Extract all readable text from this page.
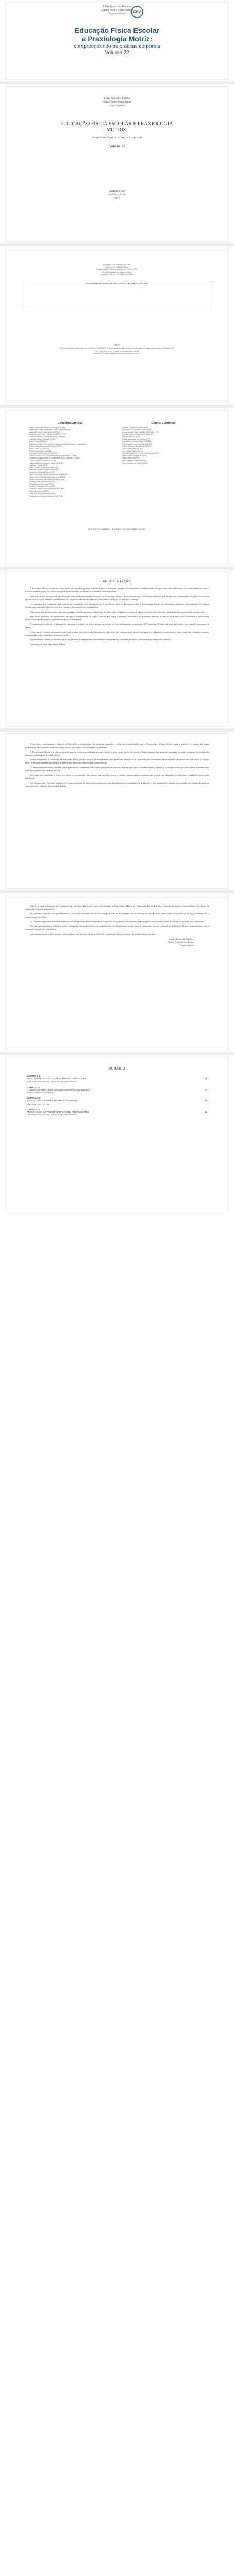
Lilian Aparecida Ferreira
Glauco Nunes Souto Ramos
(Organizadores)	CRV
Educação Física Escolar
e Praxiologia Motriz:
compreendendo as práticas corporais
Volume 22
Lilian Aparecida Ferreira
Glauco Nunes Souto Ramos
(Organizadores)
EDUCAÇÃO FÍSICA ESCOLAR E PRAXIOLOGIA MOTRIZ:
compreendendo as práticas corporais
Volume 22
EDITORA CRV
Curitiba – Brasil
2017
Copyright © da Editora CRV Ltda.
Editor-chefe: Railson Moura
Diagramação e Capa: Designers da Editora CRV
Revisão: Analista de Escrita e Artes
Conselho Editorial: Conselho da Editora
DADOS INTERNACIONAIS DE CATALOGAÇÃO NA PUBLICAÇÃO (CIP)
2017
Foi feito o depósito legal conf. Lei 10.994 de 14/12/2004. Proibida a reprodução parcial ou total desta obra sem autorização da Editora CRV.
Tel.: (41) 3039-6418 - E-mail: sac@editoracrv.com.br
Conheça os nossos lançamentos: www.editoracrv.com.br
Conselho Editorial:
Aldira Guimarães Duarte Domínguez (UNB)
Andréia da Silva Quintanilha Sousa (UNIR/UFRN)
Antônio Pereira Gaio Júnior (UFRRJ)
Carlos Alberto Vilar Estêvão (UMINHO – PT)
Carlos Federico Dominguez Avila (Unieuro)
Carmen Tereza Velanga (UNIR)
Celso Conti (UFSCar)
Cesar Gerónimo Tello (Univer. Nacional Três de Febrero – Argentina)
Elione Maria Nogueira Diogenes (UFAL)
Élsio José Corá (UFFS)
Elizeu Clementino (UNEB)
Francisco Carlos Duarte (PUC-PR)
Gloria Fariñas León (Universidade de La Havana – Cuba)
Guillermo Arias Beatón (Universidade de La Havana – Cuba)
Jailson Alves dos Santos (UFRJ)
João Adalberto Campato Junior (UNESP)
Josania Portela (UFPI)
Leonel Severo Rocha (UNISINOS)
Lídia de Oliveira Xavier (UNIEURO)
Lourdes Helena da Silva (UFV)
Maria de Lourdes Pinto de Almeida (UNOESC)
Maria Lília Imbiriba Sousa Colares (UFOPA)
Paulo Romualdo Hernandes (UNIFAL-MG)
Rodrigo Pratte-Santos (UFES)
Sérgio Nunes de Jesus (IFRO)
Simone Rodrigues Pinto (UNB)
Solange Helena Ximenes-Rocha (UFOPA)
Sydione Santos (UEPG)
Tadeu Oliver Gonçalves (UFPA)
Tania Suely Azevedo Brasileiro (UFOPA)
Comitê Científico:
Adelino Candido Pimenta (IFG)
Ana Paula de Oliveira Aranha (USF)
Carlos Alberto Vilar Estêvão (UMINHO – PT)
Cláudia Maria Soares Rossi (UNESP)
Eliane Cardoso (USP)
Eliana Aparecida de Oliveira (UFF)
Fabiana dos Santos Silva (UNESP)
Fernando Donizete Alves (UFSCar)
Gisele Quaresma Santos (UNIRIO)
Jairo Antônio Paim (UFS)
Luiz Carlos Rigo (UFPel)
Marcos Teodorico Pinheiro de Almeida (UFC)
Maria Cristina Kogut (PUCPR)
Mauro Betti (UNESP)
Ruth Eugênia Cidade (UFPR)
Sílvio Ricardo da Silva (UFMG)
Este livro foi avaliado e aprovado por pareceristas ad hoc.
APRESENTAÇÃO

A Educação Física assume nos dias atuais um papel de grande relevância para a formação integral dos estudantes, estabelecendo diálogos com diferentes áreas do conhecimento e com as diversas manifestações da cultura corporal de movimento presentes na sociedade contemporânea.

Este livro é uma proposta de aproximação entre a Educação Física Escolar e a Praxiologia Motriz, teoria desenvolvida por Pierre Parlebas, que se dedica a compreender as práticas corporais a partir de sua lógica interna, considerando as relações estabelecidas entre os praticantes, o espaço, os objetos e o tempo.

Os capítulos que compõem esta obra foram produzidos por pesquisadores e professores que se debruçam sobre a Praxiologia Motriz em diferentes contextos, especialmente no âmbito escolar, apresentando reflexões teóricas e relatos de experiências pedagógicas.

Esperamos que as discussões aqui apresentadas contribuam para a ampliação do olhar sobre as práticas corporais e para a qualificação das ações pedagógicas desenvolvidas nas escolas.

Para tanto, partimos do pressuposto de que a compreensão da lógica interna dos jogos e esportes possibilita ao professor planejar e intervir de forma mais consciente e intencional, favorecendo aprendizagens significativas para os estudantes.

A organização do livro foi pensada de maneira a oferecer ao leitor um percurso que vai dos fundamentos conceituais da Praxiologia Motriz até suas aplicações em situações concretas de ensino.

Desse modo, o leitor encontrará textos que tratam dos universais ludomotores, das redes de comunicação motriz, dos papéis e subpapéis sociomotores, bem como das condutas motrizes manifestadas pelos estudantes durante as aulas.

Agradecemos a todos os autores que se dispuseram a compartilhar seus estudos e experiências, tornando possível a concretização desta obra coletiva.

Desejamos a todos uma ótima leitura.

Neste livro, convidamos o leitor a refletir sobre a diversidade das práticas corporais e sobre as possibilidades que a Praxiologia Motriz oferece para a análise e o ensino dos jogos tradicionais, dos esportes coletivos e individuais, das lutas e das atividades de aventura.

A Praxiologia Motriz é a ciência da ação motriz, conforme definida por seu criador, e tem como objeto de estudo a lógica interna das situações motrizes, ou seja, o sistema de obrigações impostas pelas regras de cada prática.

Nessa perspectiva, o professor de Educação Física passa a dispor de instrumentos que permitem identificar as características estruturais das atividades propostas em suas aulas e, a partir disso, selecionar aquelas que melhor atendem aos objetivos educacionais estabelecidos.

Os textos reunidos nesta coletânea dialogam entre si e também com outras perspectivas teóricas da Educação Física, evidenciando a riqueza e a complexidade que envolvem o fenômeno das práticas corporais no contexto escolar.

Ao longo dos capítulos, o leitor perceberá a preocupação dos autores em articular teoria e prática, apresentando propostas que podem ser adaptadas às diferentes realidades das escolas brasileiras.

Acreditamos que esta obra poderá servir como material de apoio para professores da educação básica, estudantes de graduação e pós-graduação e demais interessados no estudo das práticas corporais sob o olhar da Praxiologia Motriz.

Este livro está organizado em capítulos que abordam diferentes temas relacionados à Praxiologia Motriz e à Educação Física Escolar, reunindo pesquisas desenvolvidas em grupos de estudos de diversas instituições.

No primeiro capítulo, são apresentados os conceitos fundamentais da Praxiologia Motriz e sua relação com a Educação Física Escolar, destacando a importância da lógica interna para a compreensão dos jogos.

Os capítulos seguintes tratam de análises praxiológicas de diferentes práticas corporais, de propostas de intervenção pedagógica e de estudos sobre as condutas motrizes dos estudantes.

Por fim, apresentamos reflexões sobre a formação de professores e as contribuições da Praxiologia Motriz para a construção de um currículo de Educação Física comprometido com a formação integral dos estudantes.

Convidamos todos a percorrerem estas páginas com espírito crítico e reflexivo, contribuindo para o avanço do conhecimento na área.

Lilian Aparecida Ferreira
Glauco Nunes Souto Ramos
Organizadores
SUMÁRIO
CAPÍTULO 1
EDUCAÇÃO FÍSICA ESCOLAR E PRAXIOLOGIA MOTRIZ	11
Lilian Aparecida Ferreira, Glauco Nunes Souto Ramos
CAPÍTULO 2
A LÓGICA INTERNA DOS JOGOS E ESPORTES NA ESCOLA	27
Glauco Nunes Souto Ramos
CAPÍTULO 3
JOGOS TRADICIONAIS E PRAXIOLOGIA MOTRIZ	43
Lilian Aparecida Ferreira
CAPÍTULO 4
PRAXIOLOGIA MOTRIZ E FORMAÇÃO DE PROFESSORES	61
Lilian Aparecida Ferreira, Glauco Nunes Souto Ramos
